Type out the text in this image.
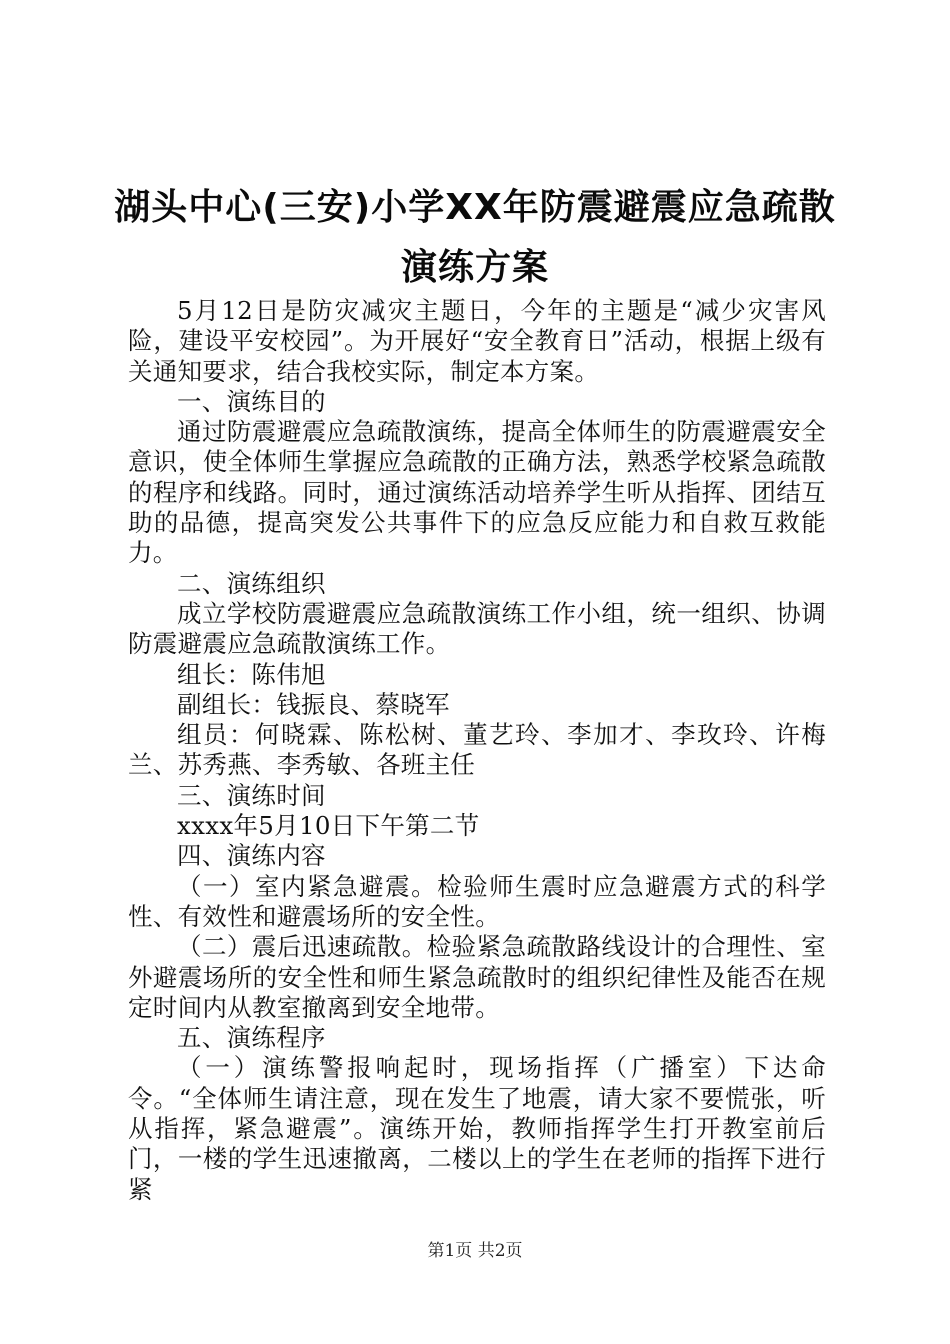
湖头中心(三安)小学XX年防震避震应急疏散
演练方案

5月12日是防灾减灾主题日，今年的主题是“减少灾害风险，建设平安校园”。为开展好“安全教育日”活动，根据上级有关通知要求，结合我校实际，制定本方案。

一、演练目的

通过防震避震应急疏散演练，提高全体师生的防震避震安全意识，使全体师生掌握应急疏散的正确方法，熟悉学校紧急疏散的程序和线路。同时，通过演练活动培养学生听从指挥、团结互助的品德，提高突发公共事件下的应急反应能力和自救互救能力。

二、演练组织

成立学校防震避震应急疏散演练工作小组，统一组织、协调防震避震应急疏散演练工作。

组长：陈伟旭

副组长：钱振良、蔡晓军

组员：何晓霖、陈松树、董艺玲、李加才、李玫玲、许梅兰、苏秀燕、李秀敏、各班主任

三、演练时间

xxxx年5月10日下午第二节

四、演练内容

（一）室内紧急避震。检验师生震时应急避震方式的科学性、有效性和避震场所的安全性。

（二）震后迅速疏散。检验紧急疏散路线设计的合理性、室外避震场所的安全性和师生紧急疏散时的组织纪律性及能否在规定时间内从教室撤离到安全地带。

五、演练程序

（一）演练警报响起时，现场指挥（广播室）下达命令。“全体师生请注意，现在发生了地震，请大家不要慌张，听从指挥，紧急避震”。演练开始，教师指挥学生打开教室前后门，一楼的学生迅速撤离，二楼以上的学生在老师的指挥下进行紧

第1页 共2页
